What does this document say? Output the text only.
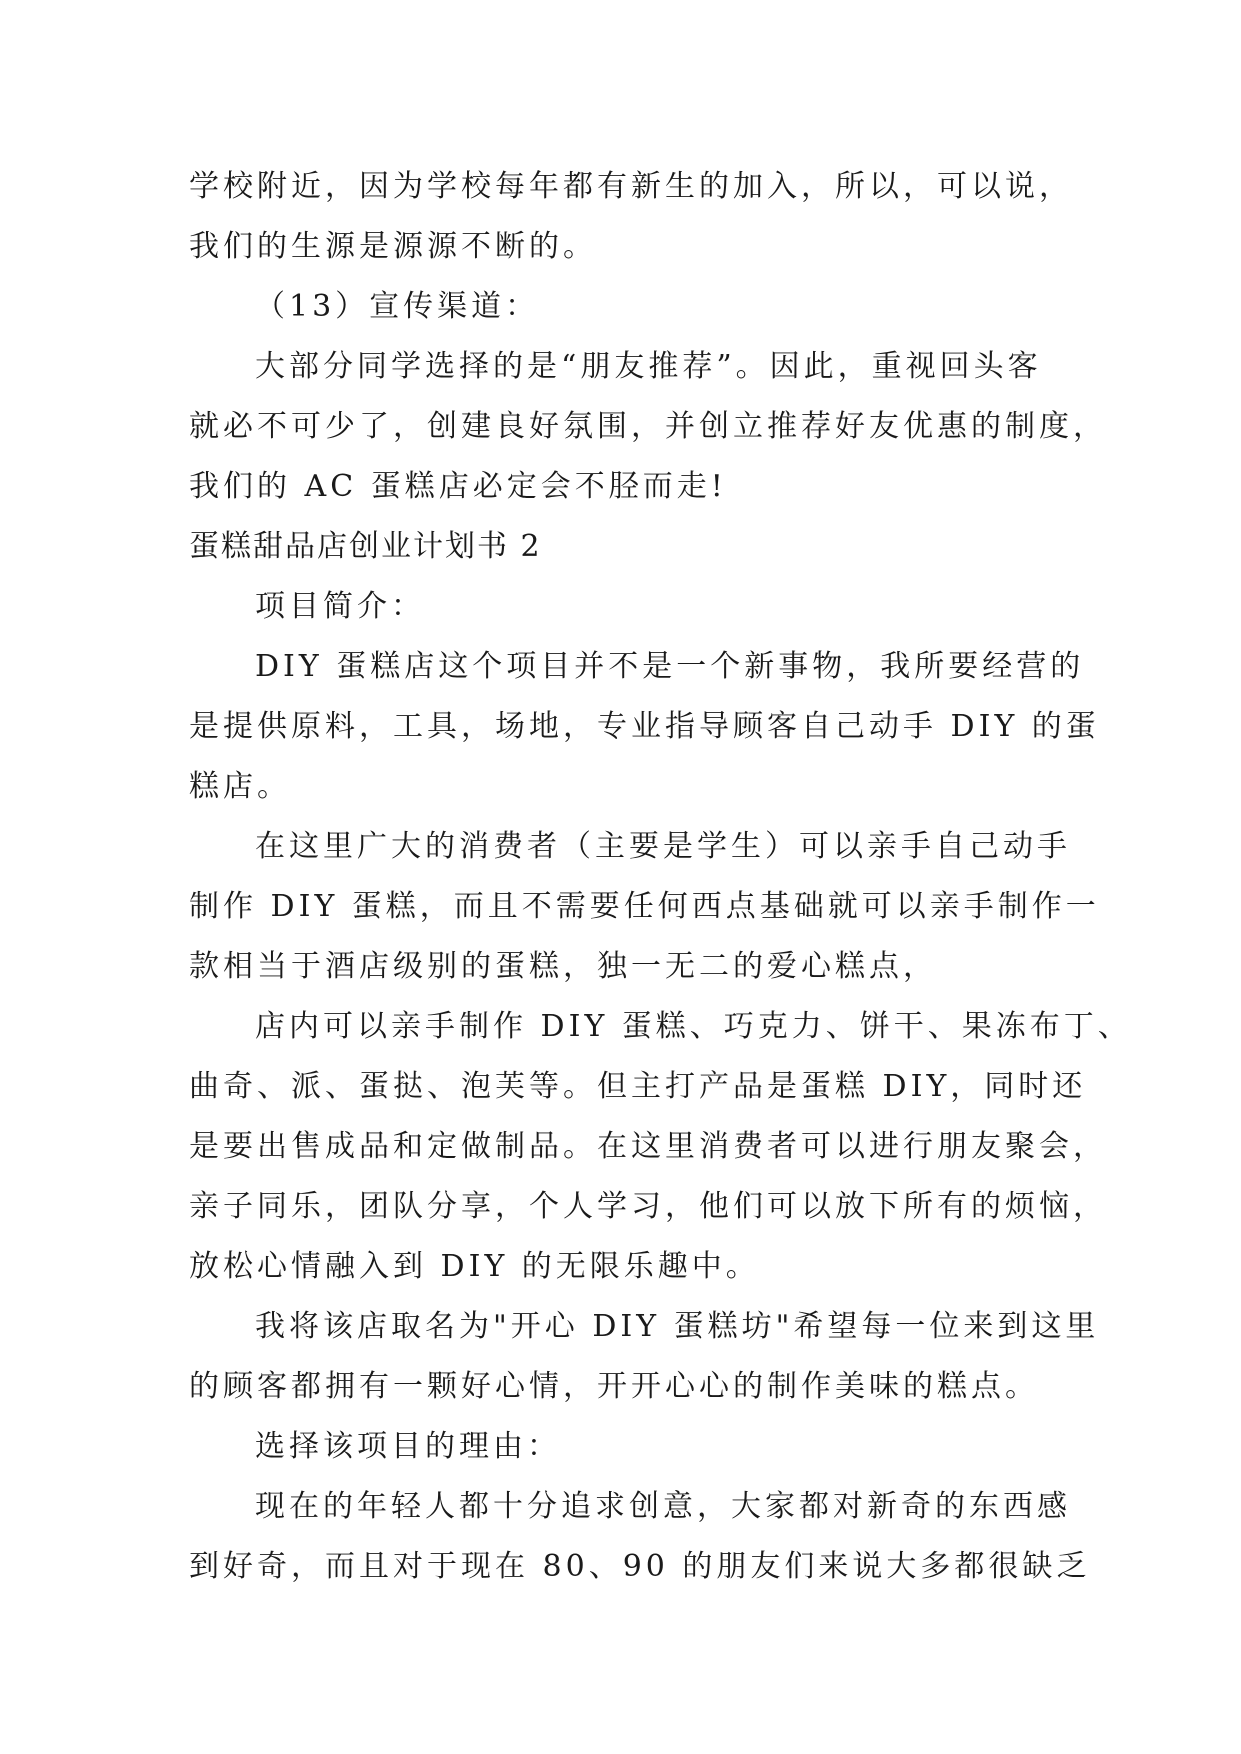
学校附近，因为学校每年都有新生的加入，所以，可以说，
我们的生源是源源不断的。
（13）宣传渠道：
大部分同学选择的是“朋友推荐”。因此，重视回头客
就必不可少了，创建良好氛围，并创立推荐好友优惠的制度，
我们的 AC 蛋糕店必定会不胫而走!
蛋糕甜品店创业计划书 2
项目简介：
DIY 蛋糕店这个项目并不是一个新事物，我所要经营的
是提供原料，工具，场地，专业指导顾客自己动手 DIY 的蛋
糕店。
在这里广大的消费者（主要是学生）可以亲手自己动手
制作 DIY 蛋糕，而且不需要任何西点基础就可以亲手制作一
款相当于酒店级别的蛋糕，独一无二的爱心糕点，
店内可以亲手制作 DIY 蛋糕、巧克力、饼干、果冻布丁、
曲奇、派、蛋挞、泡芙等。但主打产品是蛋糕 DIY，同时还
是要出售成品和定做制品。在这里消费者可以进行朋友聚会，
亲子同乐，团队分享，个人学习，他们可以放下所有的烦恼，
放松心情融入到 DIY 的无限乐趣中。
我将该店取名为"开心 DIY 蛋糕坊"希望每一位来到这里
的顾客都拥有一颗好心情，开开心心的制作美味的糕点。
选择该项目的理由：
现在的年轻人都十分追求创意，大家都对新奇的东西感
到好奇，而且对于现在 80、90 的朋友们来说大多都很缺乏
